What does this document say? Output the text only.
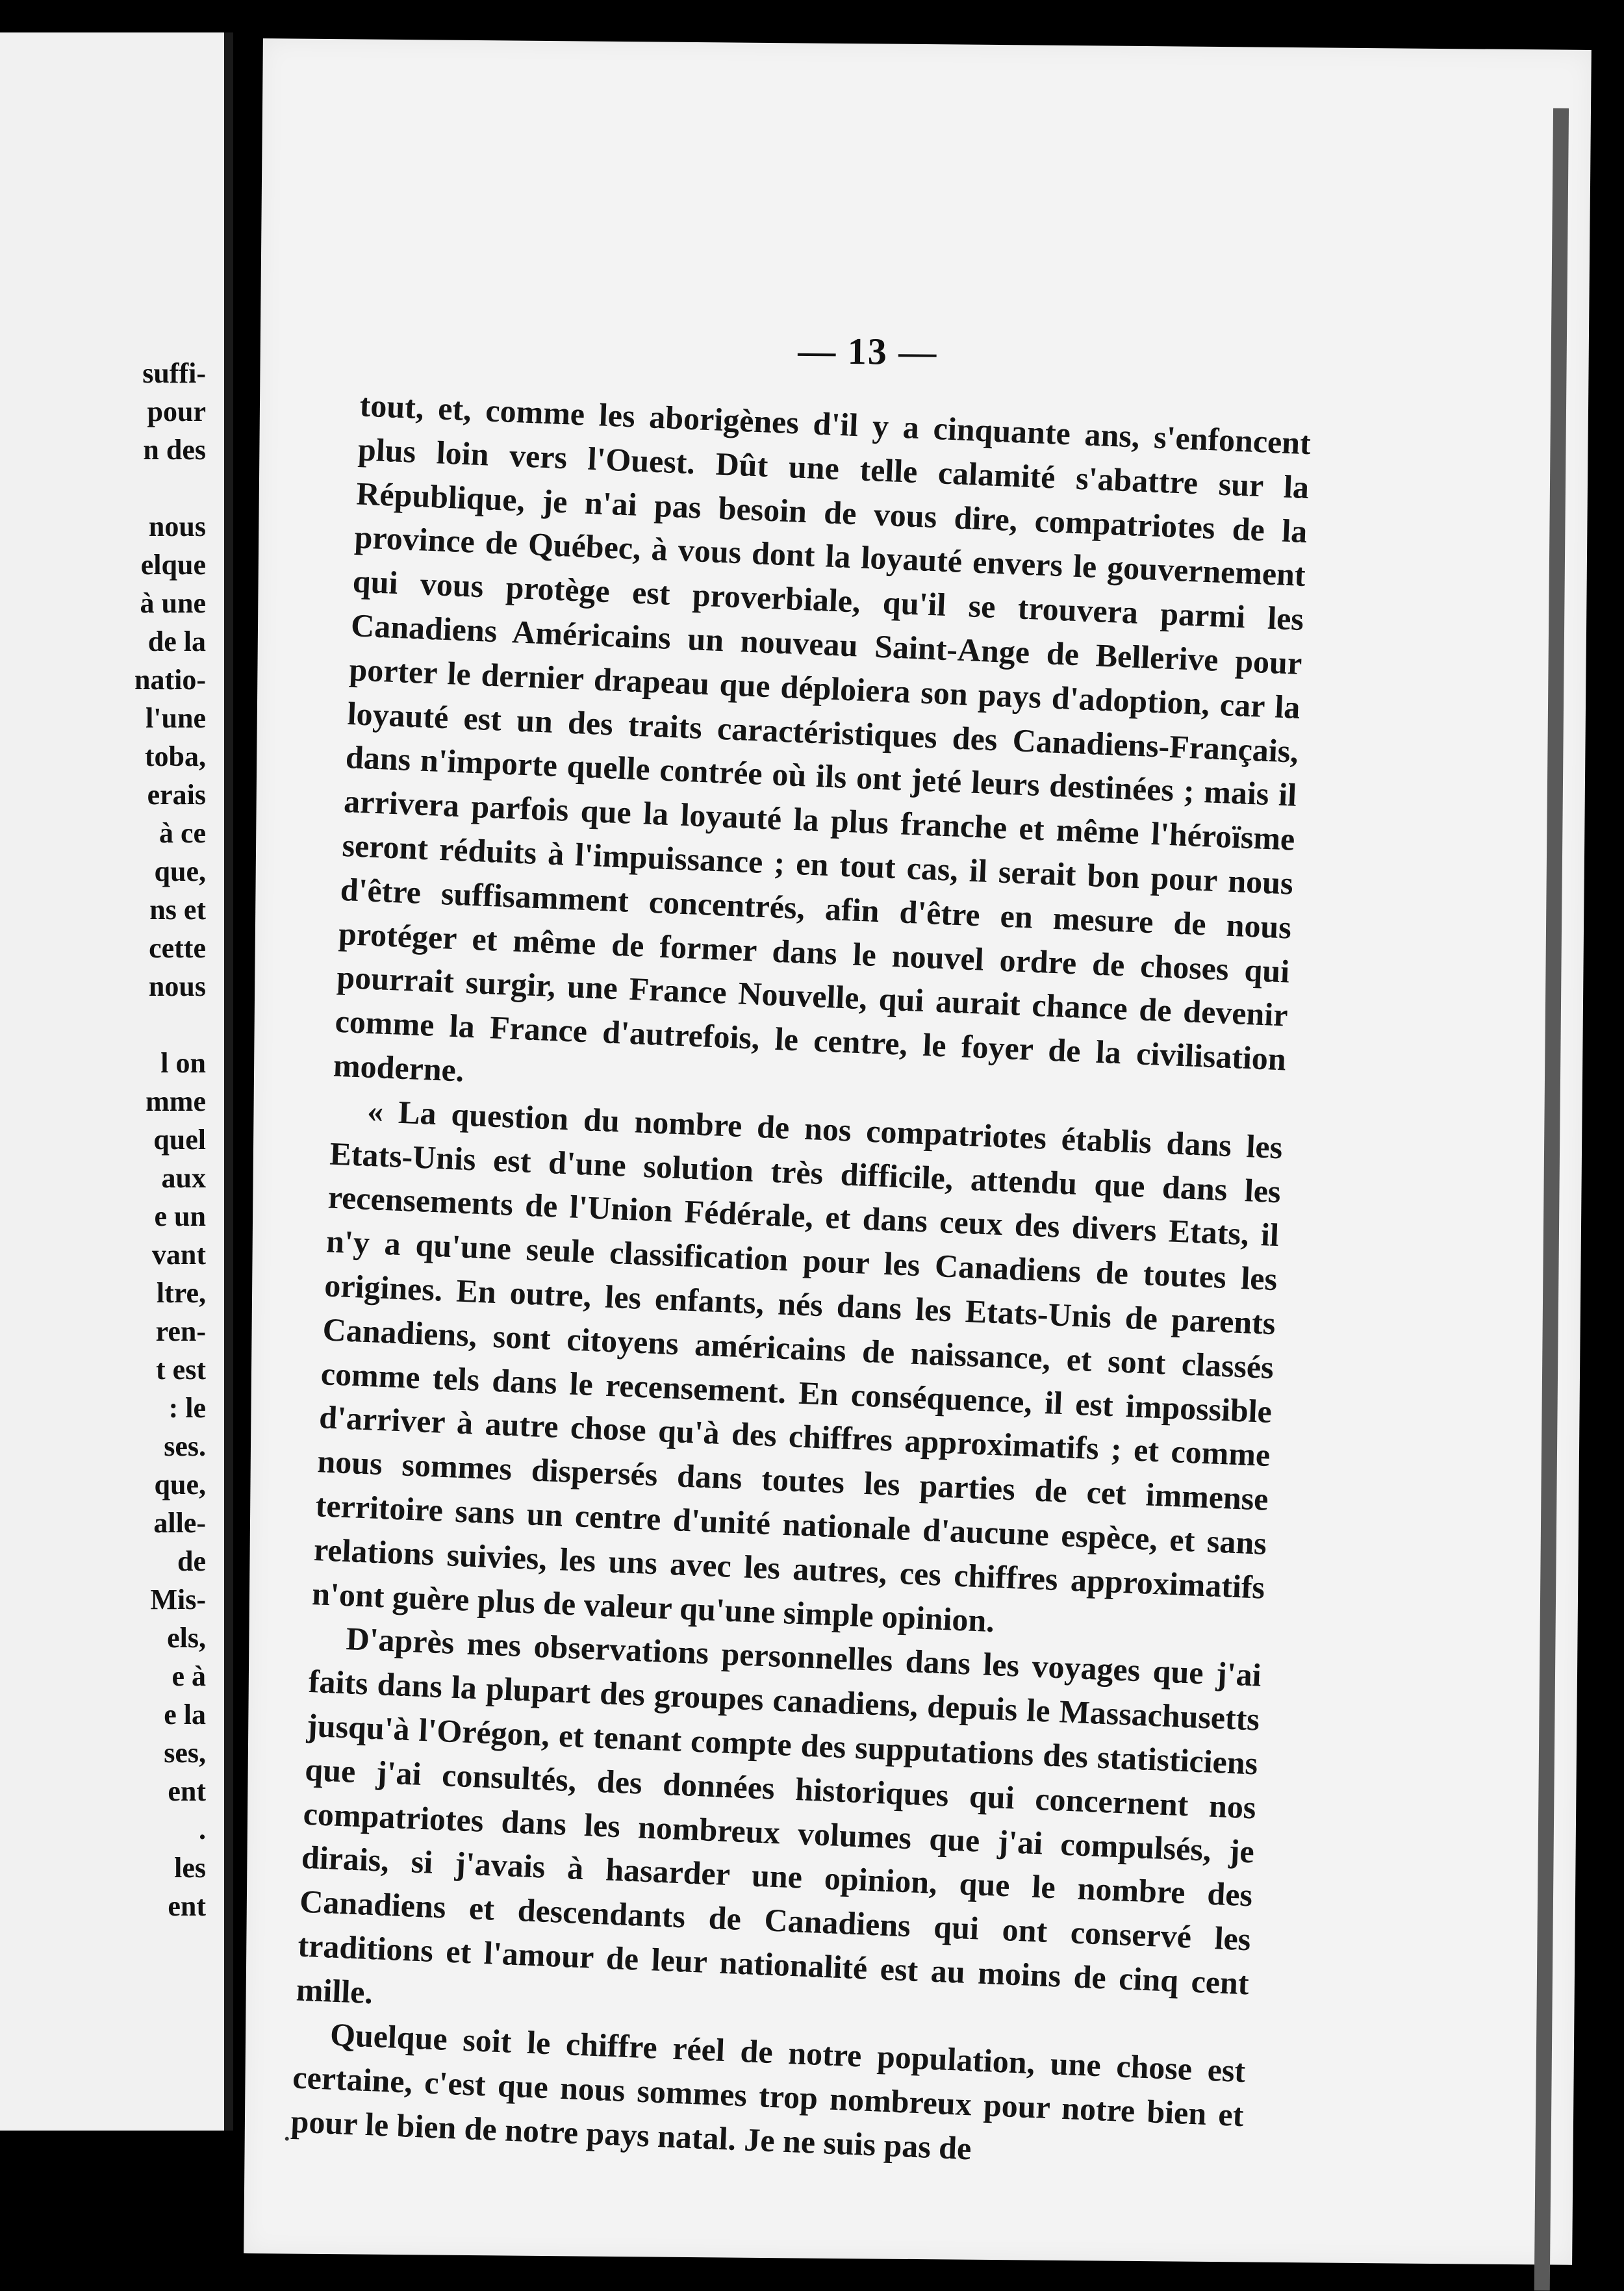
suffi-
pour
n des
nous
elque
à une
de la
natio-
l'une
toba,
erais
à ce
que,
ns et
cette
nous
l on
mme
quel
aux
e un
vant
ltre,
ren-
t est
: le
ses.
que,
alle-
de
Mis-
els,
e à
e la
ses,
ent
.
les
ent
— 13 —

tout, et, comme les aborigènes d'il y a cinquante ans, s'enfoncent plus loin vers l'Ouest. Dût une telle calamité s'abattre sur la République, je n'ai pas besoin de vous dire, compatriotes de la province de Québec, à vous dont la loyauté envers le gouvernement qui vous protège est proverbiale, qu'il se trouvera parmi les Canadiens Américains un nouveau Saint-Ange de Bellerive pour porter le dernier drapeau que déploiera son pays d'adoption, car la loyauté est un des traits caractéristiques des Canadiens-Français, dans n'importe quelle contrée où ils ont jeté leurs destinées ; mais il arrivera parfois que la loyauté la plus franche et même l'héroïsme seront réduits à l'impuissance ; en tout cas, il serait bon pour nous d'être suffisamment concentrés, afin d'être en mesure de nous protéger et même de former dans le nouvel ordre de choses qui pourrait surgir, une France Nouvelle, qui aurait chance de devenir comme la France d'autrefois, le centre, le foyer de la civilisation moderne.

« La question du nombre de nos compatriotes établis dans les Etats-Unis est d'une solution très difficile, attendu que dans les recensements de l'Union Fédérale, et dans ceux des divers Etats, il n'y a qu'une seule classification pour les Canadiens de toutes les origines. En outre, les enfants, nés dans les Etats-Unis de parents Canadiens, sont citoyens américains de naissance, et sont classés comme tels dans le recensement. En conséquence, il est impossible d'arriver à autre chose qu'à des chiffres approximatifs ; et comme nous sommes dispersés dans toutes les parties de cet immense territoire sans un centre d'unité nationale d'aucune espèce, et sans relations suivies, les uns avec les autres, ces chiffres approximatifs n'ont guère plus de valeur qu'une simple opinion.

D'après mes observations personnelles dans les voyages que j'ai faits dans la plupart des groupes canadiens, depuis le Massachusetts jusqu'à l'Orégon, et tenant compte des supputations des statisticiens que j'ai consultés, des données historiques qui concernent nos compatriotes dans les nombreux volumes que j'ai compulsés, je dirais, si j'avais à hasarder une opinion, que le nombre des Canadiens et descendants de Canadiens qui ont conservé les traditions et l'amour de leur nationalité est au moins de cinq cent mille.

Quelque soit le chiffre réel de notre population, une chose est certaine, c'est que nous sommes trop nombreux pour notre bien et pour le bien de notre pays natal. Je ne suis pas de
